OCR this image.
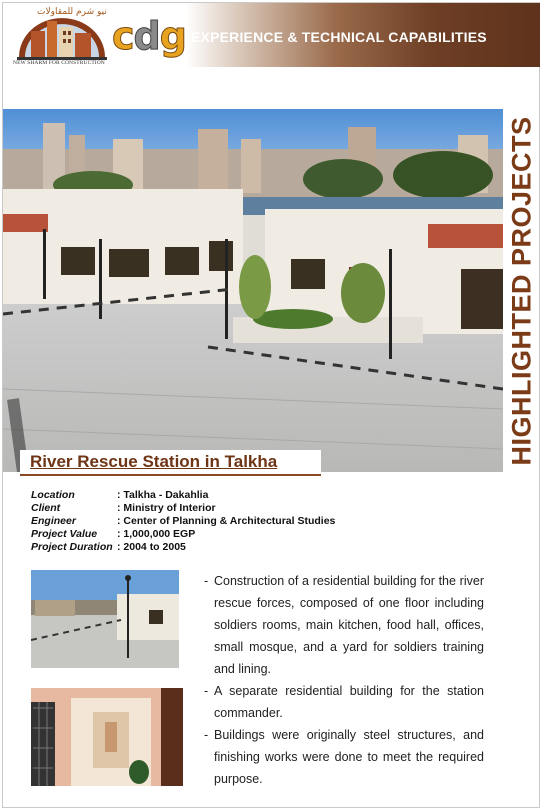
نيو شرم للمقاولات
NEW SHARM FOR CONSTRUCTION
cdg EXPERIENCE & TECHNICAL CAPABILITIES
HIGHLIGHTED PROJECTS
River Rescue Station in Talkha
Location	: Talkha - Dakahlia
Client	: Ministry of Interior
Engineer	: Center of Planning & Architectural Studies
Project Value	: 1,000,000 EGP
Project Duration : 2004 to 2005

- Construction of a residential building for the river rescue forces, composed of one floor including soldiers rooms, main kitchen, food hall, offices, small mosque, and a yard for soldiers training and lining.

- A separate residential building for the station commander.

- Buildings were originally steel structures, and finishing works were done to meet the required purpose.
